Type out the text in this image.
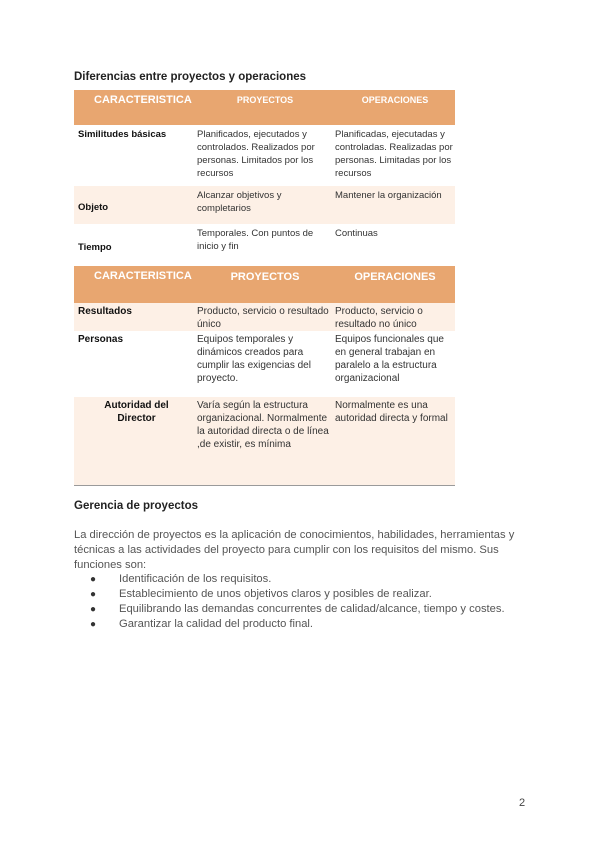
Diferencias entre proyectos y operaciones
CARACTERISTICA	PROYECTOS	OPERACIONES
Similitudes básicas	Planificados, ejecutados y controlados. Realizados por personas. Limitados por los recursos	Planificadas, ejecutadas y controladas. Realizadas por personas. Limitadas por los recursos
Objeto	Alcanzar objetivos y completarios	Mantener la organización
Tiempo	Temporales. Con puntos de inicio y fin	Continuas
CARACTERISTICA	PROYECTOS	OPERACIONES
Resultados	Producto, servicio o resultado único	Producto, servicio o resultado no único
Personas	Equipos temporales y dinámicos creados para cumplir las exigencias del proyecto.	Equipos funcionales que en general trabajan en paralelo a la estructura organizacional
Autoridad del Director	Varía según la estructura organizacional. Normalmente la autoridad directa o de línea ,de existir, es mínima	Normalmente es una autoridad directa y formal
Gerencia de proyectos
La dirección de proyectos es la aplicación de conocimientos, habilidades, herramientas y técnicas a las actividades del proyecto para cumplir con los requisitos del mismo. Sus funciones son:
● Identificación de los requisitos.
● Establecimiento de unos objetivos claros y posibles de realizar.
● Equilibrando las demandas concurrentes de calidad/alcance, tiempo y costes.
● Garantizar la calidad del producto final.
2
